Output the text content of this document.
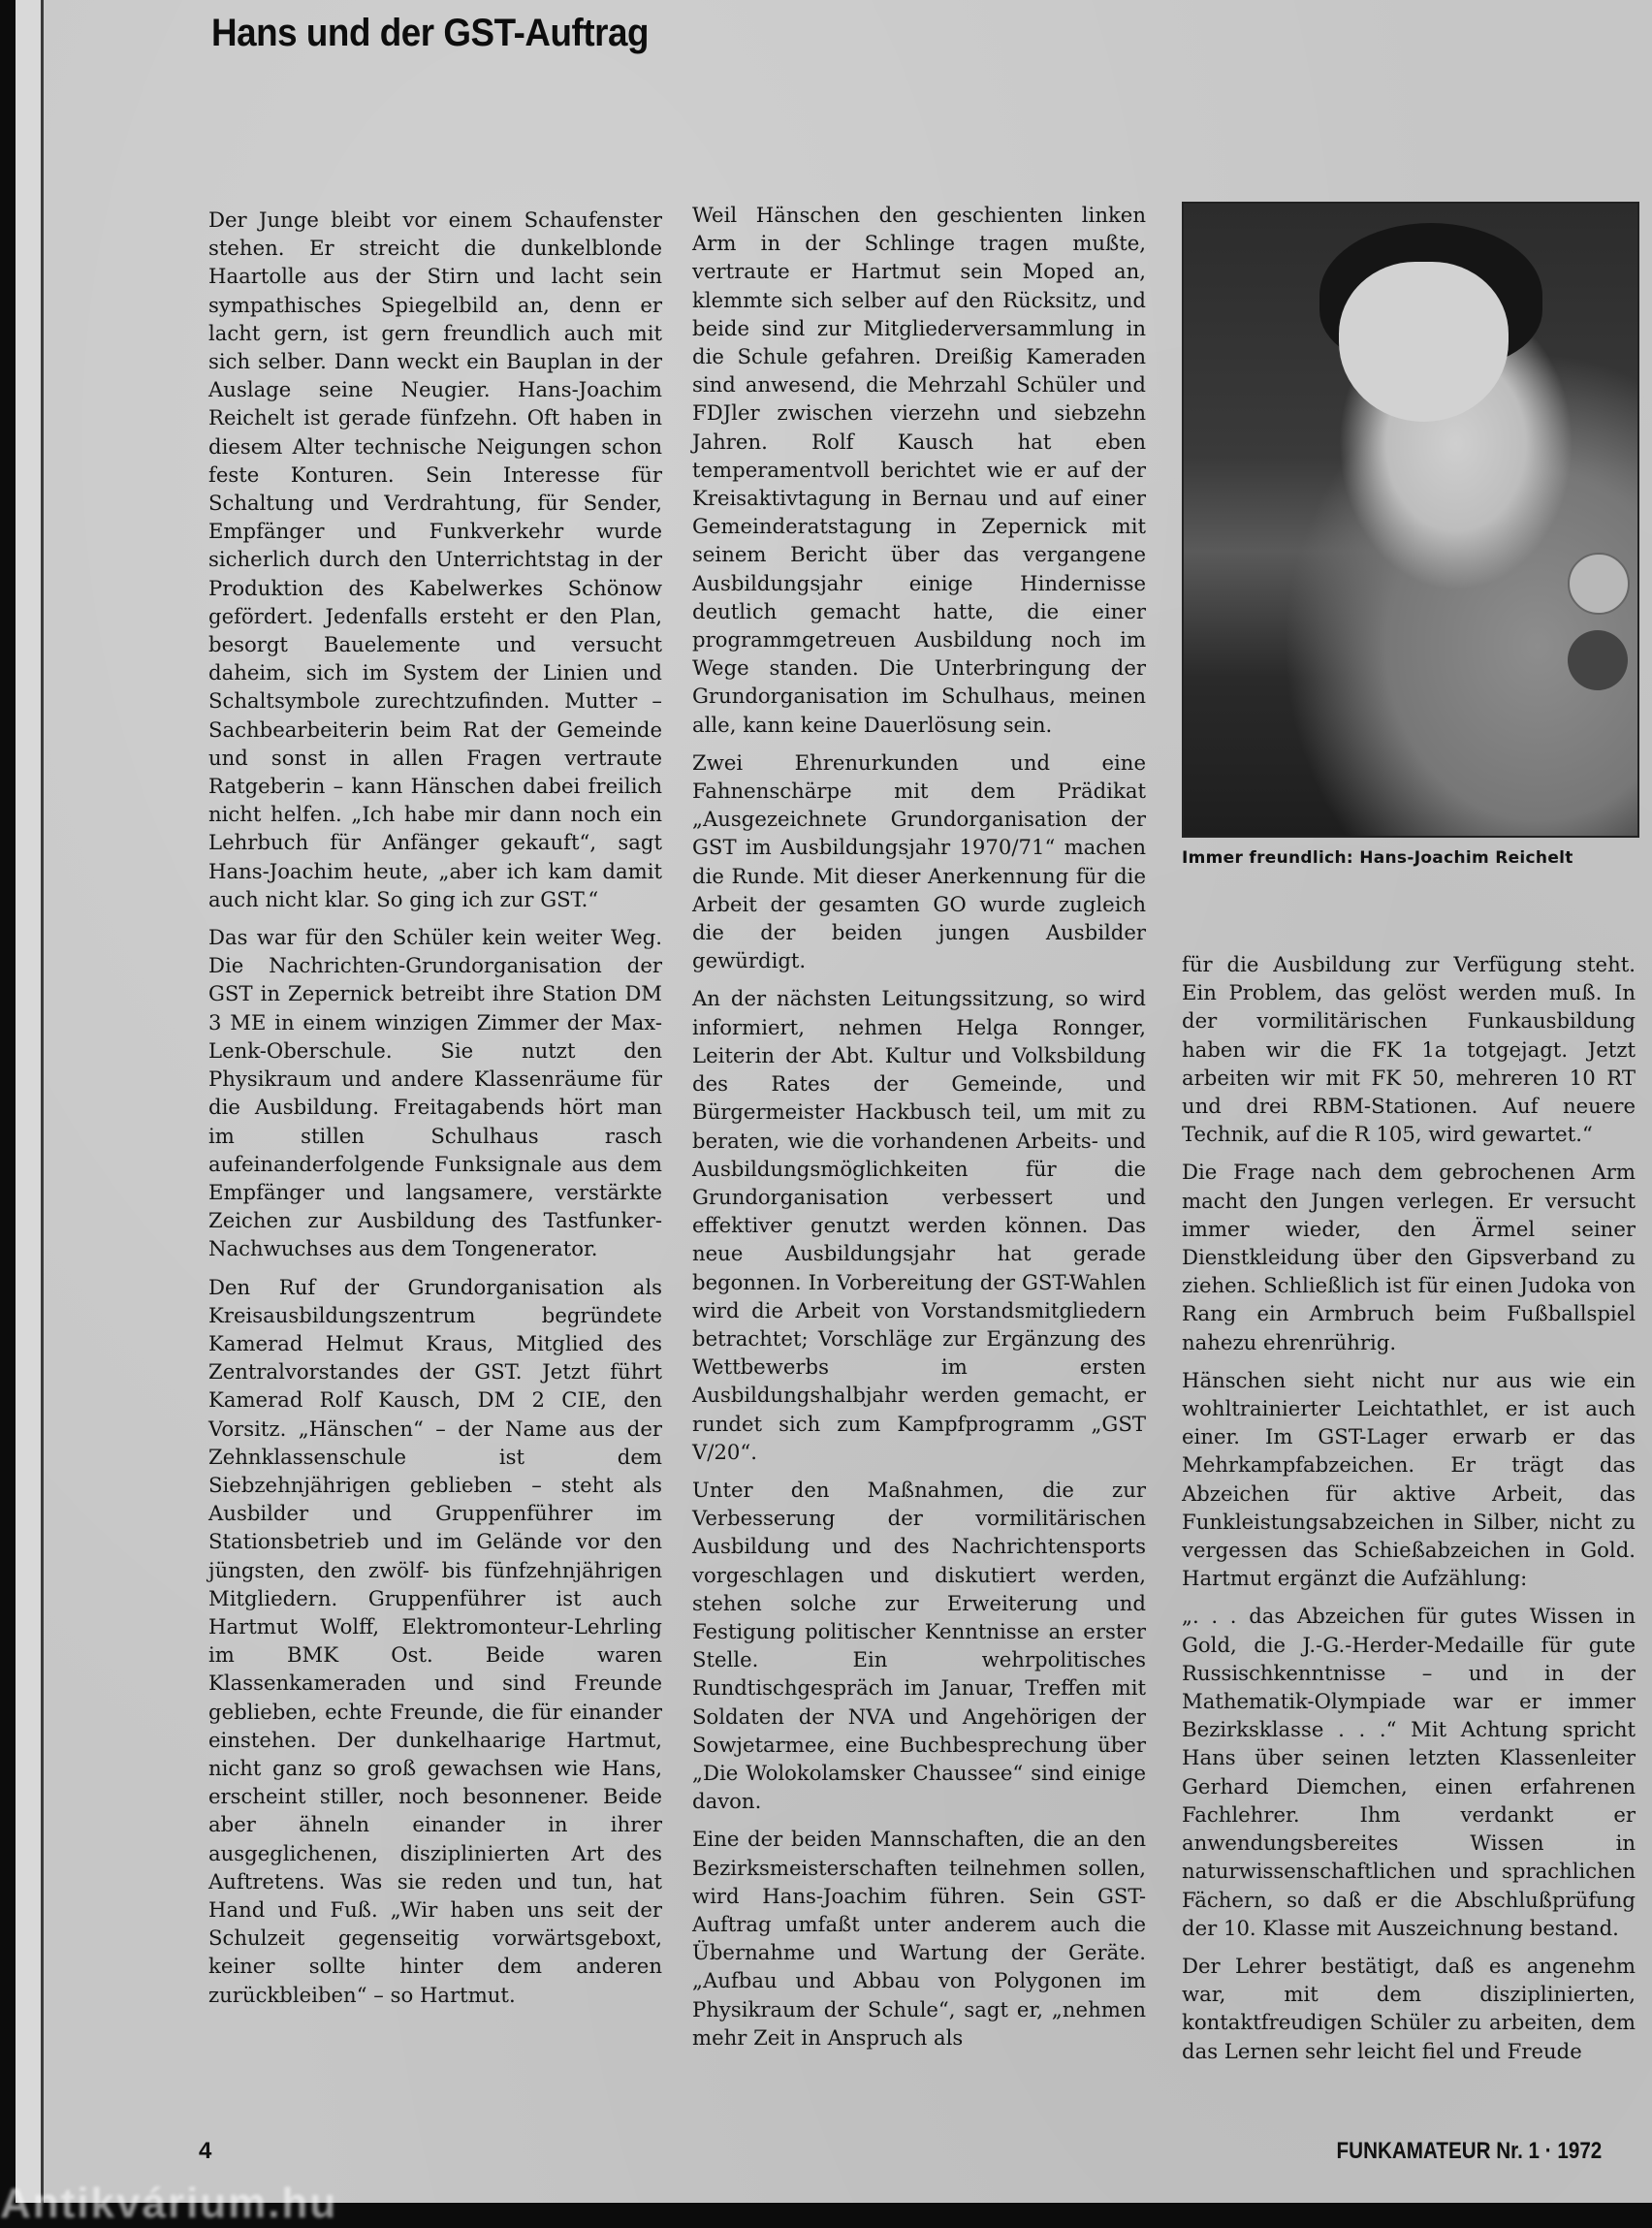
Hans und der GST-Auftrag

Der Junge bleibt vor einem Schaufenster stehen. Er streicht die dunkelblonde Haartolle aus der Stirn und lacht sein sympathisches Spiegelbild an, denn er lacht gern, ist gern freundlich auch mit sich selber. Dann weckt ein Bauplan in der Auslage seine Neugier. Hans-Joachim Reichelt ist gerade fünfzehn. Oft haben in diesem Alter technische Neigungen schon feste Konturen. Sein Interesse für Schaltung und Verdrahtung, für Sender, Empfänger und Funkverkehr wurde sicherlich durch den Unterrichtstag in der Produktion des Kabelwerkes Schönow gefördert. Jedenfalls ersteht er den Plan, besorgt Bauelemente und versucht daheim, sich im System der Linien und Schaltsymbole zurechtzufinden. Mutter – Sachbearbeiterin beim Rat der Gemeinde und sonst in allen Fragen vertraute Ratgeberin – kann Hänschen dabei freilich nicht helfen. „Ich habe mir dann noch ein Lehrbuch für Anfänger gekauft“, sagt Hans-Joachim heute, „aber ich kam damit auch nicht klar. So ging ich zur GST.“

Das war für den Schüler kein weiter Weg. Die Nachrichten-Grundorganisation der GST in Zepernick betreibt ihre Station DM 3 ME in einem winzigen Zimmer der Max-Lenk-Oberschule. Sie nutzt den Physikraum und andere Klassenräume für die Ausbildung. Freitagabends hört man im stillen Schulhaus rasch aufeinanderfolgende Funksignale aus dem Empfänger und langsamere, verstärkte Zeichen zur Ausbildung des Tastfunker-Nachwuchses aus dem Tongenerator.

Den Ruf der Grundorganisation als Kreisausbildungszentrum begründete Kamerad Helmut Kraus, Mitglied des Zentralvorstandes der GST. Jetzt führt Kamerad Rolf Kausch, DM 2 CIE, den Vorsitz. „Hänschen“ – der Name aus der Zehnklassenschule ist dem Siebzehnjährigen geblieben – steht als Ausbilder und Gruppenführer im Stationsbetrieb und im Gelände vor den jüngsten, den zwölf- bis fünfzehnjährigen Mitgliedern. Gruppenführer ist auch Hartmut Wolff, Elektromonteur-Lehrling im BMK Ost. Beide waren Klassenkameraden und sind Freunde geblieben, echte Freunde, die für einander einstehen. Der dunkelhaarige Hartmut, nicht ganz so groß gewachsen wie Hans, erscheint stiller, noch besonnener. Beide aber ähneln einander in ihrer ausgeglichenen, disziplinierten Art des Auftretens. Was sie reden und tun, hat Hand und Fuß. „Wir haben uns seit der Schulzeit gegenseitig vorwärtsgeboxt, keiner sollte hinter dem anderen zurückbleiben“ – so Hartmut.

Weil Hänschen den geschienten linken Arm in der Schlinge tragen mußte, vertraute er Hartmut sein Moped an, klemmte sich selber auf den Rücksitz, und beide sind zur Mitgliederversammlung in die Schule gefahren. Dreißig Kameraden sind anwesend, die Mehrzahl Schüler und FDJler zwischen vierzehn und siebzehn Jahren. Rolf Kausch hat eben temperamentvoll berichtet wie er auf der Kreisaktivtagung in Bernau und auf einer Gemeinderatstagung in Zepernick mit seinem Bericht über das vergangene Ausbildungsjahr einige Hindernisse deutlich gemacht hatte, die einer programmgetreuen Ausbildung noch im Wege standen. Die Unterbringung der Grundorganisation im Schulhaus, meinen alle, kann keine Dauerlösung sein.

Zwei Ehrenurkunden und eine Fahnenschärpe mit dem Prädikat „Ausgezeichnete Grundorganisation der GST im Ausbildungsjahr 1970/71“ machen die Runde. Mit dieser Anerkennung für die Arbeit der gesamten GO wurde zugleich die der beiden jungen Ausbilder gewürdigt.

An der nächsten Leitungssitzung, so wird informiert, nehmen Helga Ronnger, Leiterin der Abt. Kultur und Volksbildung des Rates der Gemeinde, und Bürgermeister Hackbusch teil, um mit zu beraten, wie die vorhandenen Arbeits- und Ausbildungsmöglichkeiten für die Grundorganisation verbessert und effektiver genutzt werden können. Das neue Ausbildungsjahr hat gerade begonnen. In Vorbereitung der GST-Wahlen wird die Arbeit von Vorstandsmitgliedern betrachtet; Vorschläge zur Ergänzung des Wettbewerbs im ersten Ausbildungshalbjahr werden gemacht, er rundet sich zum Kampfprogramm „GST V/20“.

Unter den Maßnahmen, die zur Verbesserung der vormilitärischen Ausbildung und des Nachrichtensports vorgeschlagen und diskutiert werden, stehen solche zur Erweiterung und Festigung politischer Kenntnisse an erster Stelle. Ein wehrpolitisches Rundtischgespräch im Januar, Treffen mit Soldaten der NVA und Angehörigen der Sowjetarmee, eine Buchbesprechung über „Die Wolokolamsker Chaussee“ sind einige davon.

Eine der beiden Mannschaften, die an den Bezirksmeisterschaften teilnehmen sollen, wird Hans-Joachim führen. Sein GST-Auftrag umfaßt unter anderem auch die Übernahme und Wartung der Geräte. „Aufbau und Abbau von Polygonen im Physikraum der Schule“, sagt er, „nehmen mehr Zeit in Anspruch als

Immer freundlich: Hans-Joachim Reichelt

für die Ausbildung zur Verfügung steht. Ein Problem, das gelöst werden muß. In der vormilitärischen Funkausbildung haben wir die FK 1a totgejagt. Jetzt arbeiten wir mit FK 50, mehreren 10 RT und drei RBM-Stationen. Auf neuere Technik, auf die R 105, wird gewartet.“

Die Frage nach dem gebrochenen Arm macht den Jungen verlegen. Er versucht immer wieder, den Ärmel seiner Dienstkleidung über den Gipsverband zu ziehen. Schließlich ist für einen Judoka von Rang ein Armbruch beim Fußballspiel nahezu ehrenrührig.

Hänschen sieht nicht nur aus wie ein wohltrainierter Leichtathlet, er ist auch einer. Im GST-Lager erwarb er das Mehrkampfabzeichen. Er trägt das Abzeichen für aktive Arbeit, das Funkleistungsabzeichen in Silber, nicht zu vergessen das Schießabzeichen in Gold. Hartmut ergänzt die Aufzählung:

„. . . das Abzeichen für gutes Wissen in Gold, die J.-G.-Herder-Medaille für gute Russischkenntnisse – und in der Mathematik-Olympiade war er immer Bezirksklasse . . .“ Mit Achtung spricht Hans über seinen letzten Klassenleiter Gerhard Diemchen, einen erfahrenen Fachlehrer. Ihm verdankt er anwendungsbereites Wissen in naturwissenschaftlichen und sprachlichen Fächern, so daß er die Abschlußprüfung der 10. Klasse mit Auszeichnung bestand.

Der Lehrer bestätigt, daß es angenehm war, mit dem disziplinierten, kontaktfreudigen Schüler zu arbeiten, dem das Lernen sehr leicht fiel und Freude

4	FUNKAMATEUR Nr. 1 · 1972
Antikvárium.hu
